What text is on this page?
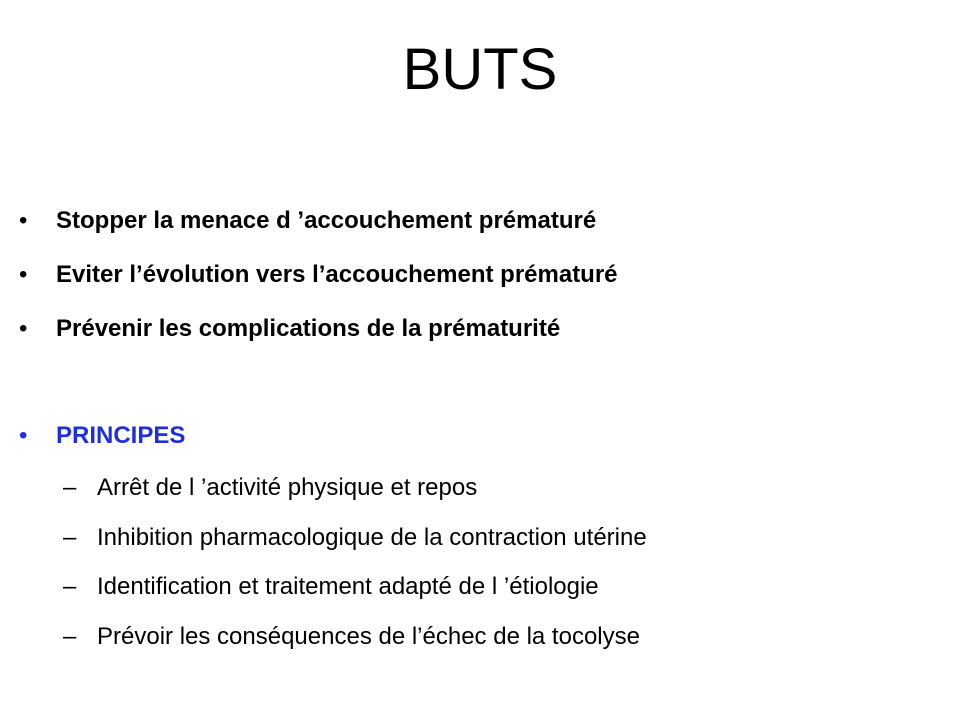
BUTS
• Stopper la menace d ’accouchement prématuré
• Eviter l’évolution vers l’accouchement prématuré
• Prévenir les complications de la prématurité
• PRINCIPES
– Arrêt de l ’activité physique et repos
– Inhibition pharmacologique de la contraction utérine
– Identification et traitement adapté de l ’étiologie
– Prévoir les conséquences de l’échec de la tocolyse
